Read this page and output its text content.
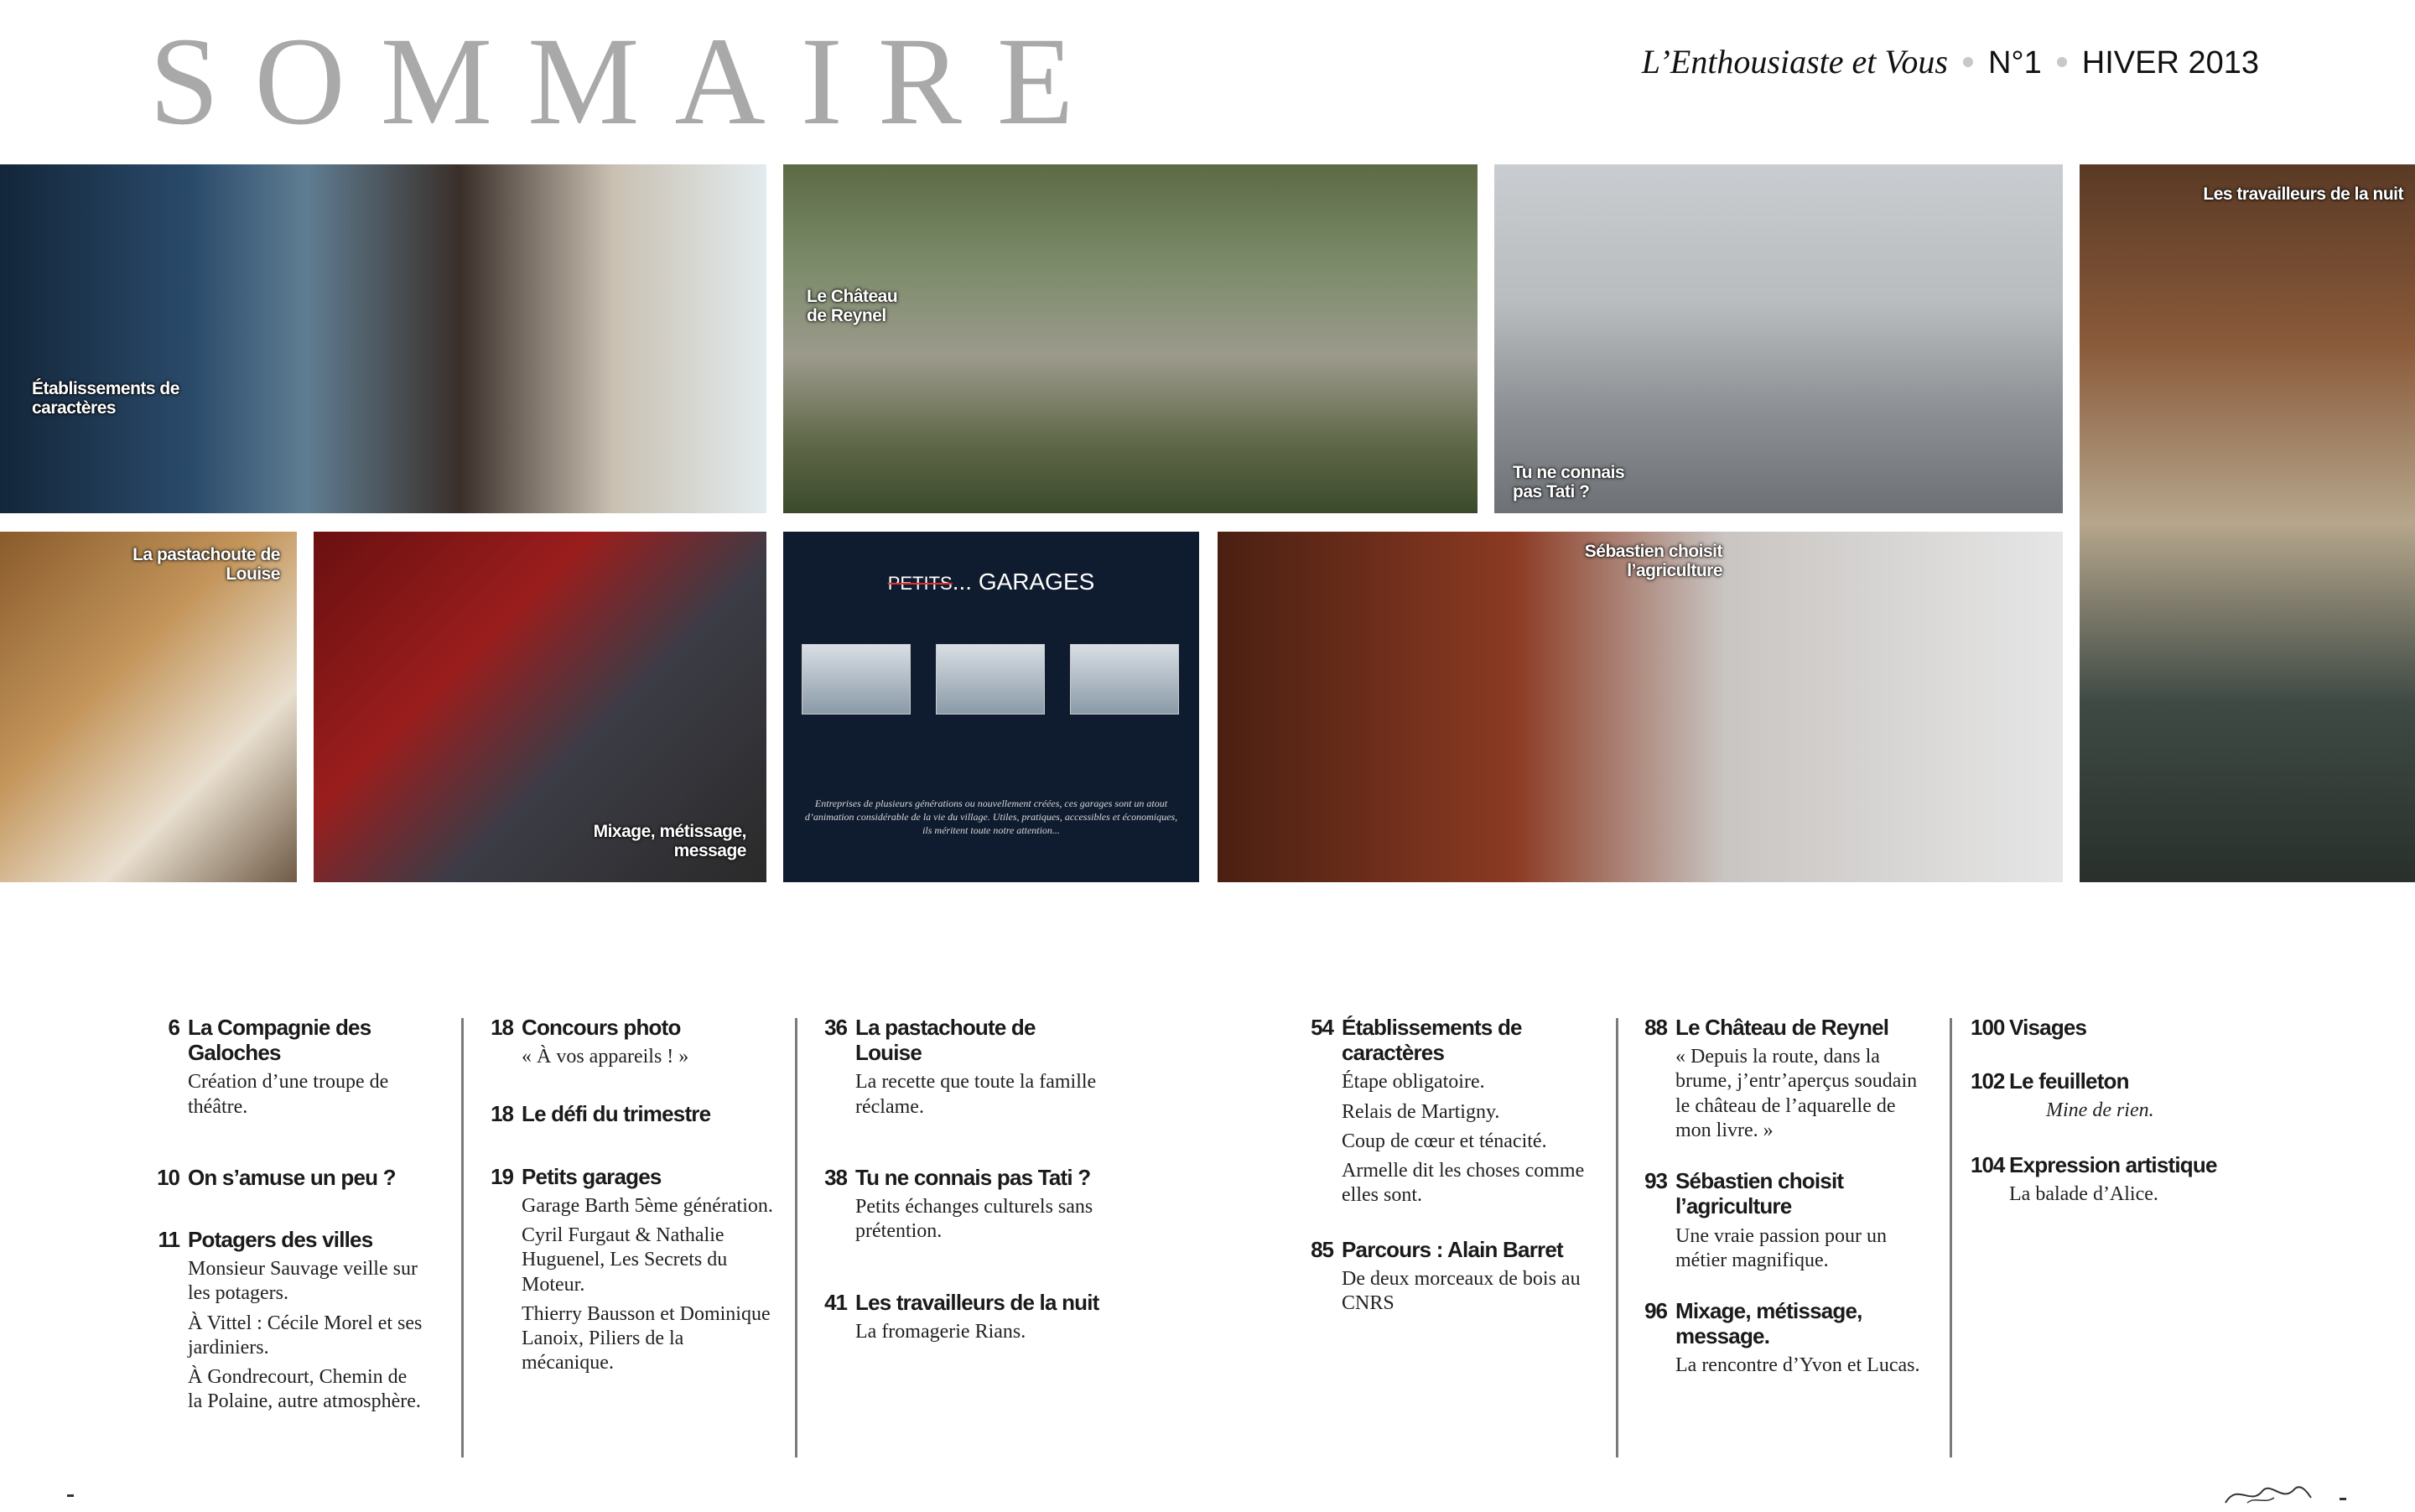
SOMMAIRE	L’Enthousiaste et Vous N°1 HIVER 2013
Établissements de caractères
Le Château de Reynel
Tu ne connais pas Tati ?
Les travailleurs de la nuit
La pastachoute de Louise
Mixage, métissage, message
PETITS... GARAGES
Entreprises de plusieurs générations ou nouvellement créées, ces garages sont un atout d’animation considérable de la vie du village. Utiles, pratiques, accessibles et économiques, ils méritent toute notre attention...
Sébastien choisit l’agriculture
6 La Compagnie des Galoches
Création d’une troupe de théâtre.
10 On s’amuse un peu ?
11 Potagers des villes
Monsieur Sauvage veille sur les potagers.
À Vittel : Cécile Morel et ses jardiniers.
À Gondrecourt, Chemin de la Polaine, autre atmosphère.
18 Concours photo
« À vos appareils ! »
18 Le défi du trimestre
19 Petits garages
Garage Barth 5ème génération.
Cyril Furgaut & Nathalie Huguenel, Les Secrets du Moteur.
Thierry Bausson et Dominique Lanoix, Piliers de la mécanique.
36 La pastachoute de Louise
La recette que toute la famille réclame.
38 Tu ne connais pas Tati ?
Petits échanges culturels sans prétention.
41 Les travailleurs de la nuit
La fromagerie Rians.
54 Établissements de caractères
Étape obligatoire.
Relais de Martigny.
Coup de cœur et ténacité.
Armelle dit les choses comme elles sont.
85 Parcours : Alain Barret
De deux morceaux de bois au CNRS
88 Le Château de Reynel
« Depuis la route, dans la brume, j’entr’aperçus soudain le château de l’aquarelle de mon livre. »
93 Sébastien choisit l’agriculture
Une vraie passion pour un métier magnifique.
96 Mixage, métissage, message.
La rencontre d’Yvon et Lucas.
100 Visages
102 Le feuilleton
Mine de rien.
104 Expression artistique
La balade d’Alice.
